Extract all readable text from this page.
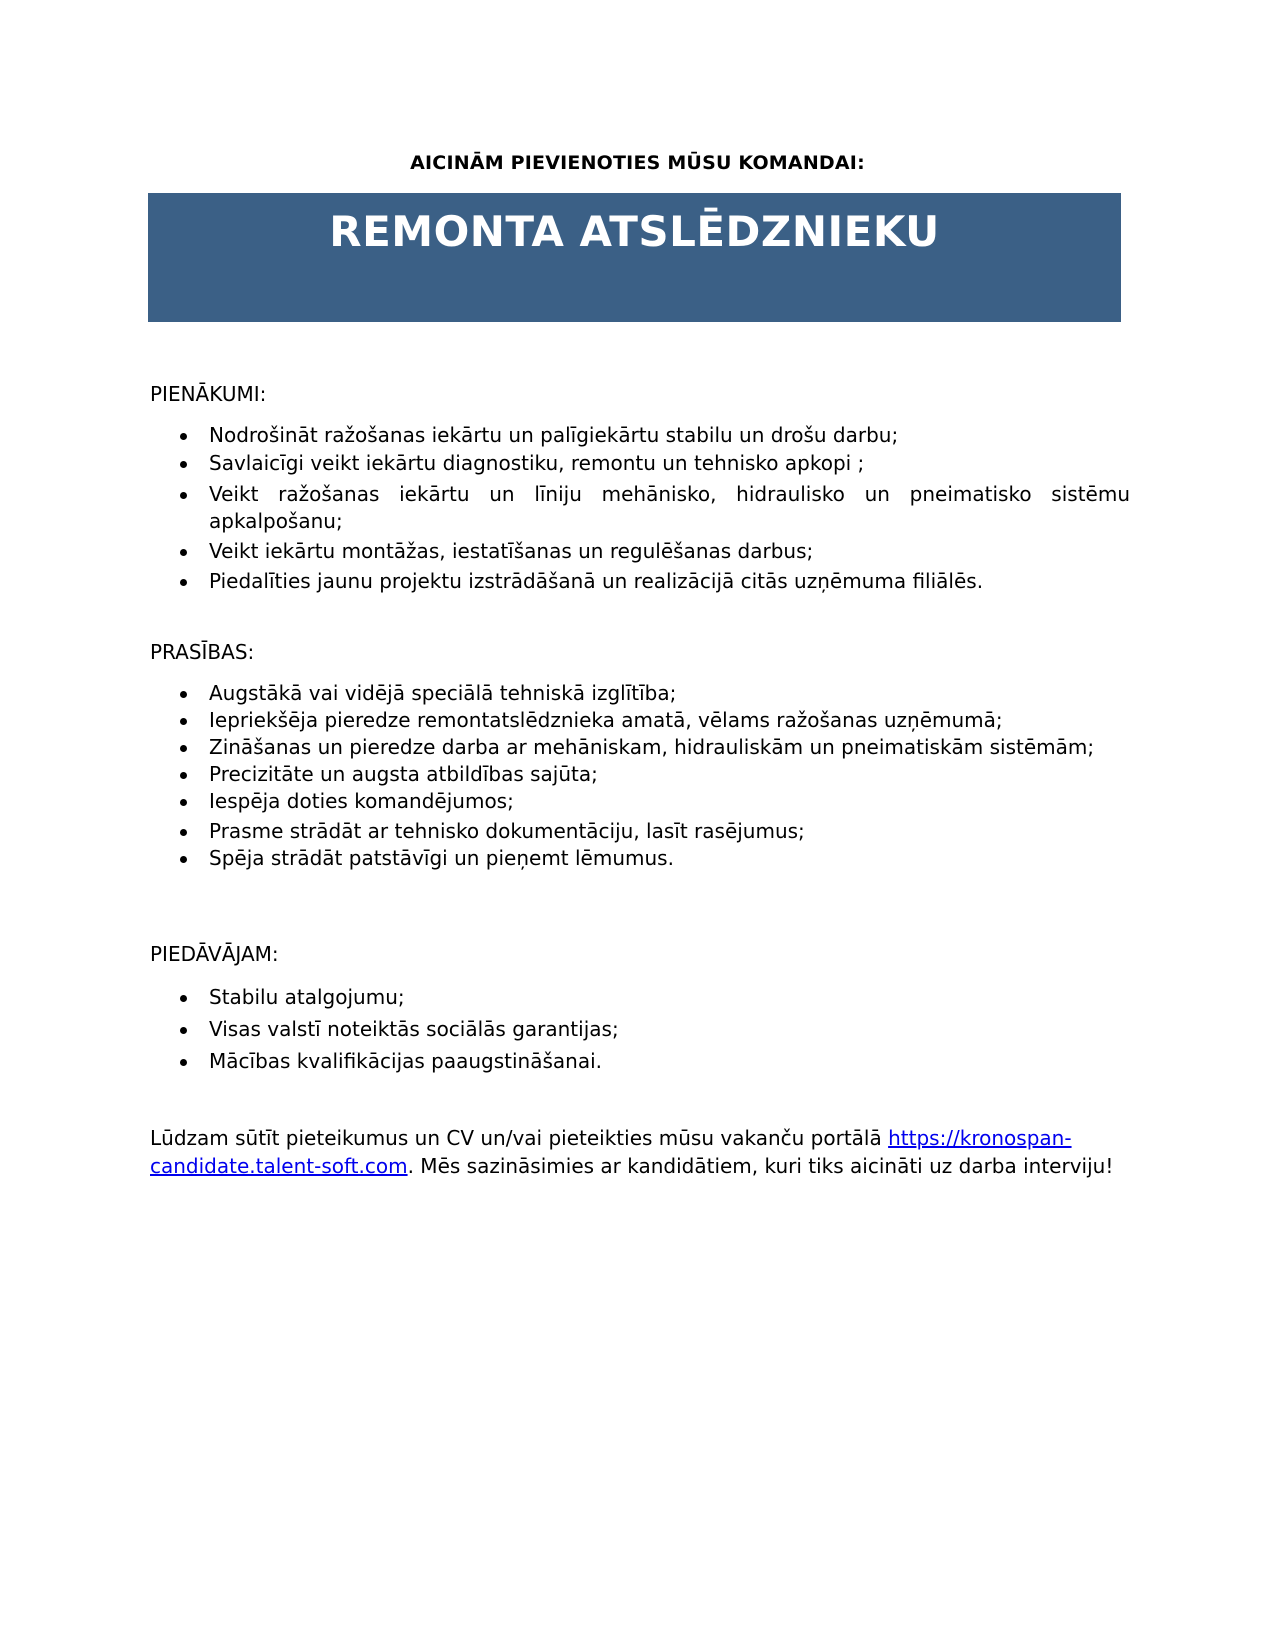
AICINĀM PIEVIENOTIES MŪSU KOMANDAI:
REMONTA ATSLĒDZNIEKU

PIENĀKUMI:

Nodrošināt ražošanas iekārtu un palīgiekārtu stabilu un drošu darbu;
Savlaicīgi veikt iekārtu diagnostiku, remontu un tehnisko apkopi ;
Veikt ražošanas iekārtu un līniju mehānisko, hidraulisko un pneimatisko sistēmu apkalpošanu;
Veikt iekārtu montāžas, iestatīšanas un regulēšanas darbus;
Piedalīties jaunu projektu izstrādāšanā un realizācijā citās uzņēmuma filiālēs.

PRASĪBAS:

Augstākā vai vidējā speciālā tehniskā izglītība;
Iepriekšēja pieredze remontatslēdznieka amatā, vēlams ražošanas uzņēmumā;
Zināšanas un pieredze darba ar mehāniskam, hidrauliskām un pneimatiskām sistēmām;
Precizitāte un augsta atbildības sajūta;
Iespēja doties komandējumos;
Prasme strādāt ar tehnisko dokumentāciju, lasīt rasējumus;
Spēja strādāt patstāvīgi un pieņemt lēmumus.

PIEDĀVĀJAM:

Stabilu atalgojumu;
Visas valstī noteiktās sociālās garantijas;
Mācības kvalifikācijas paaugstināšanai.
Lūdzam sūtīt pieteikumus un CV un/vai pieteikties mūsu vakanču portālā https://kronospan-candidate.talent-soft.com. Mēs sazināsimies ar kandidātiem, kuri tiks aicināti uz darba interviju!
